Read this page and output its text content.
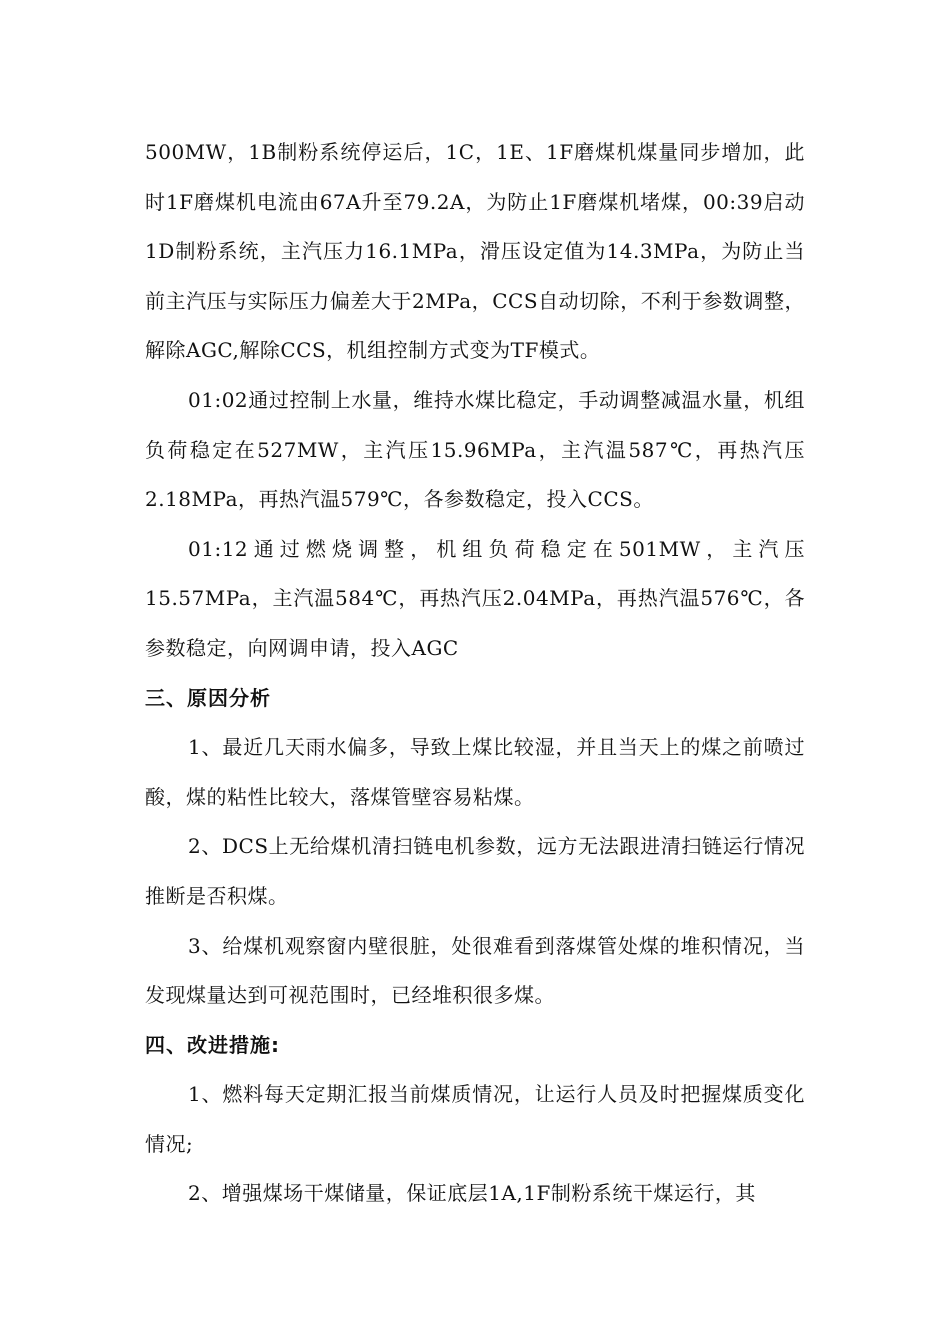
500MW，1B制粉系统停运后，1C，1E、1F磨煤机煤量同步增加，此时1F磨煤机电流由67A升至79.2A，为防止1F磨煤机堵煤，00:39启动1D制粉系统，主汽压力16.1MPa，滑压设定值为14.3MPa，为防止当前主汽压与实际压力偏差大于2MPa，CCS自动切除，不利于参数调整，解除AGC,解除CCS，机组控制方式变为TF模式。

01:02通过控制上水量，维持水煤比稳定，手动调整减温水量，机组负荷稳定在527MW，主汽压15.96MPa，主汽温587℃，再热汽压2.18MPa，再热汽温579℃，各参数稳定，投入CCS。

01:12通过燃烧调整，机组负荷稳定在501MW，主汽压15.57MPa，主汽温584℃，再热汽压2.04MPa，再热汽温576℃，各参数稳定，向网调申请，投入AGC

三、原因分析

1、最近几天雨水偏多，导致上煤比较湿，并且当天上的煤之前喷过酸，煤的粘性比较大，落煤管壁容易粘煤。

2、DCS上无给煤机清扫链电机参数，远方无法跟进清扫链运行情况推断是否积煤。

3、给煤机观察窗内壁很脏，处很难看到落煤管处煤的堆积情况，当发现煤量达到可视范围时，已经堆积很多煤。

四、改进措施:

1、燃料每天定期汇报当前煤质情况，让运行人员及时把握煤质变化情况;

2、增强煤场干煤储量，保证底层1A,1F制粉系统干煤运行，其
